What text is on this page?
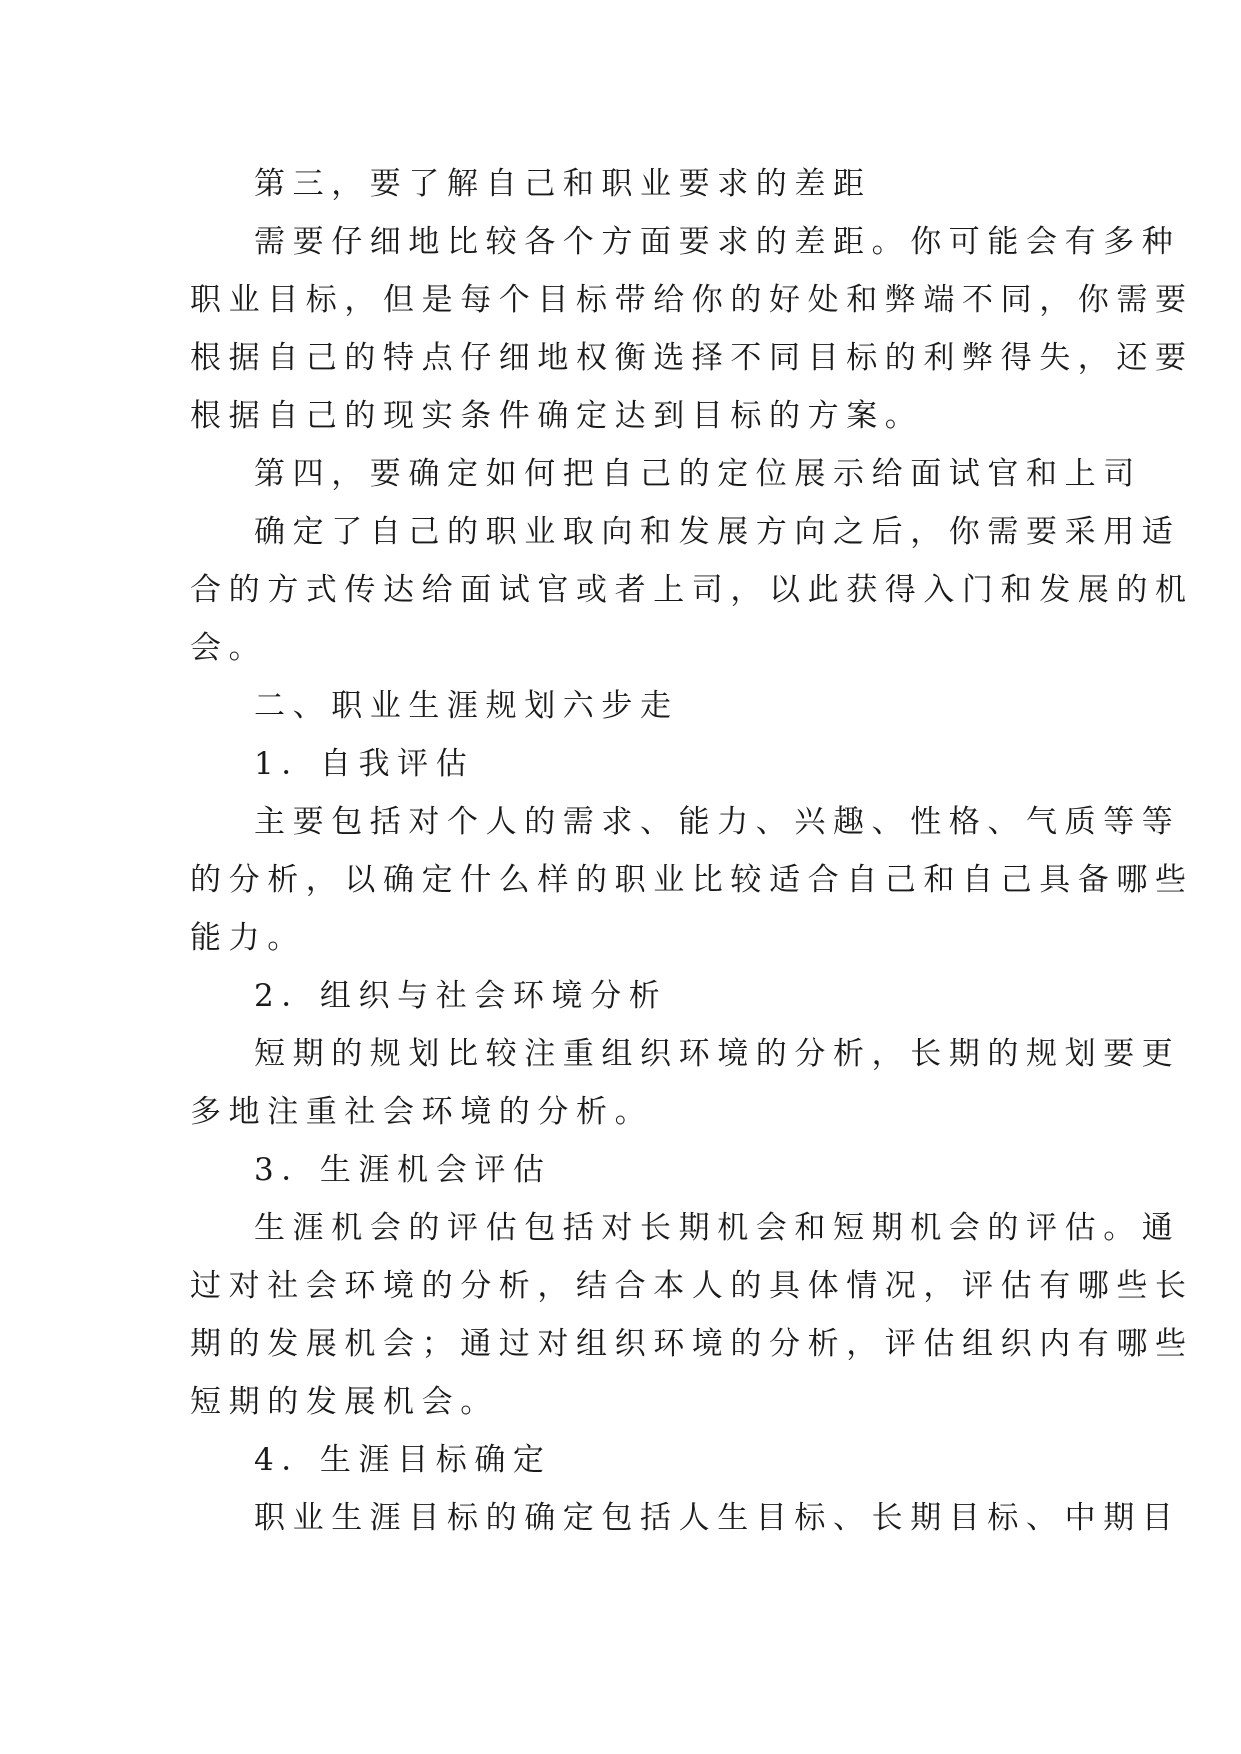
第三，要了解自己和职业要求的差距
需要仔细地比较各个方面要求的差距。你可能会有多种
职业目标，但是每个目标带给你的好处和弊端不同，你需要
根据自己的特点仔细地权衡选择不同目标的利弊得失，还要
根据自己的现实条件确定达到目标的方案。
第四，要确定如何把自己的定位展示给面试官和上司
确定了自己的职业取向和发展方向之后，你需要采用适
合的方式传达给面试官或者上司，以此获得入门和发展的机
会。
二、职业生涯规划六步走
1．自我评估
主要包括对个人的需求、能力、兴趣、性格、气质等等
的分析，以确定什么样的职业比较适合自己和自己具备哪些
能力。
2．组织与社会环境分析
短期的规划比较注重组织环境的分析，长期的规划要更
多地注重社会环境的分析。
3．生涯机会评估
生涯机会的评估包括对长期机会和短期机会的评估。通
过对社会环境的分析，结合本人的具体情况，评估有哪些长
期的发展机会；通过对组织环境的分析，评估组织内有哪些
短期的发展机会。
4．生涯目标确定
职业生涯目标的确定包括人生目标、长期目标、中期目
